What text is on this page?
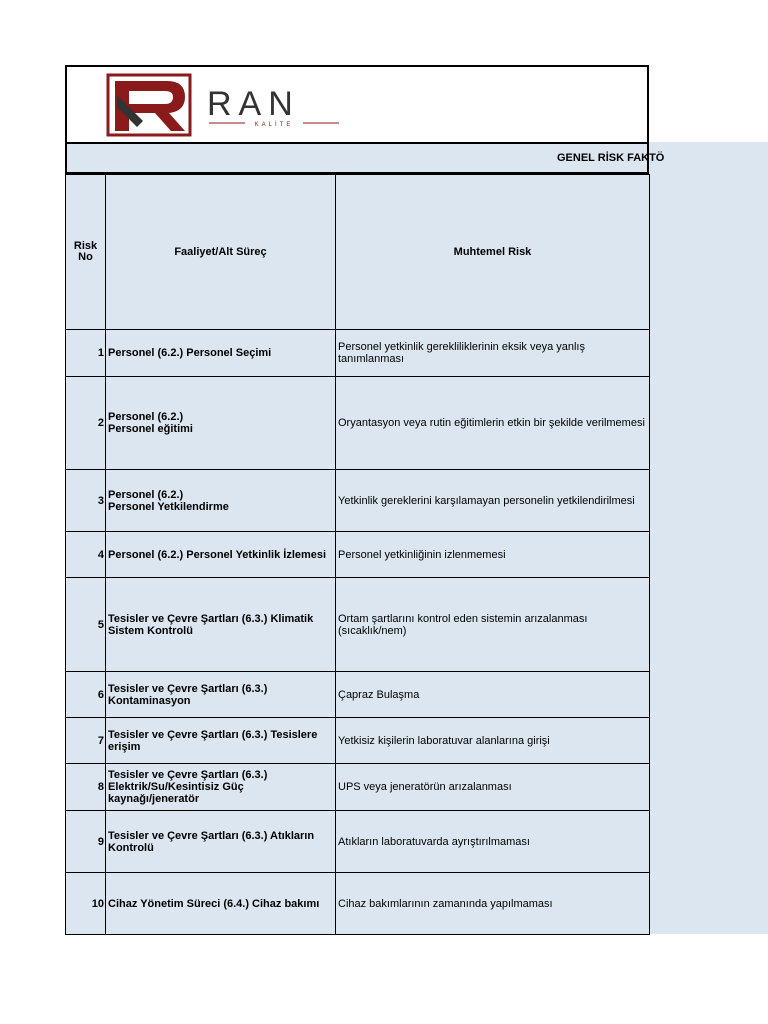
RAN
KALİTE
GENEL RİSK FAKTÖ
Risk No	Faaliyet/Alt Süreç	Muhtemel Risk
1	Personel (6.2.) Personel Seçimi	Personel yetkinlik gerekliliklerinin eksik veya yanlış tanımlanması
2	Personel (6.2.)
Personel eğitimi	Oryantasyon veya rutin eğitimlerin etkin bir şekilde verilmemesi
3	Personel (6.2.)
Personel Yetkilendirme	Yetkinlik gereklerini karşılamayan personelin yetkilendirilmesi
4	Personel (6.2.) Personel Yetkinlik İzlemesi	Personel yetkinliğinin izlenmemesi
5	Tesisler ve Çevre Şartları (6.3.) Klimatik Sistem Kontrolü	Ortam şartlarını kontrol eden sistemin arızalanması (sıcaklık/nem)
6	Tesisler ve Çevre Şartları (6.3.) Kontaminasyon	Çapraz Bulaşma
7	Tesisler ve Çevre Şartları (6.3.) Tesislere erişim	Yetkisiz kişilerin laboratuvar alanlarına girişi
8	Tesisler ve Çevre Şartları (6.3.) Elektrik/Su/Kesintisiz Güç kaynağı/jeneratör	UPS veya jeneratörün arızalanması
9	Tesisler ve Çevre Şartları (6.3.) Atıkların Kontrolü	Atıkların laboratuvarda ayrıştırılmaması
10	Cihaz Yönetim Süreci (6.4.) Cihaz bakımı	Cihaz bakımlarının zamanında yapılmaması
